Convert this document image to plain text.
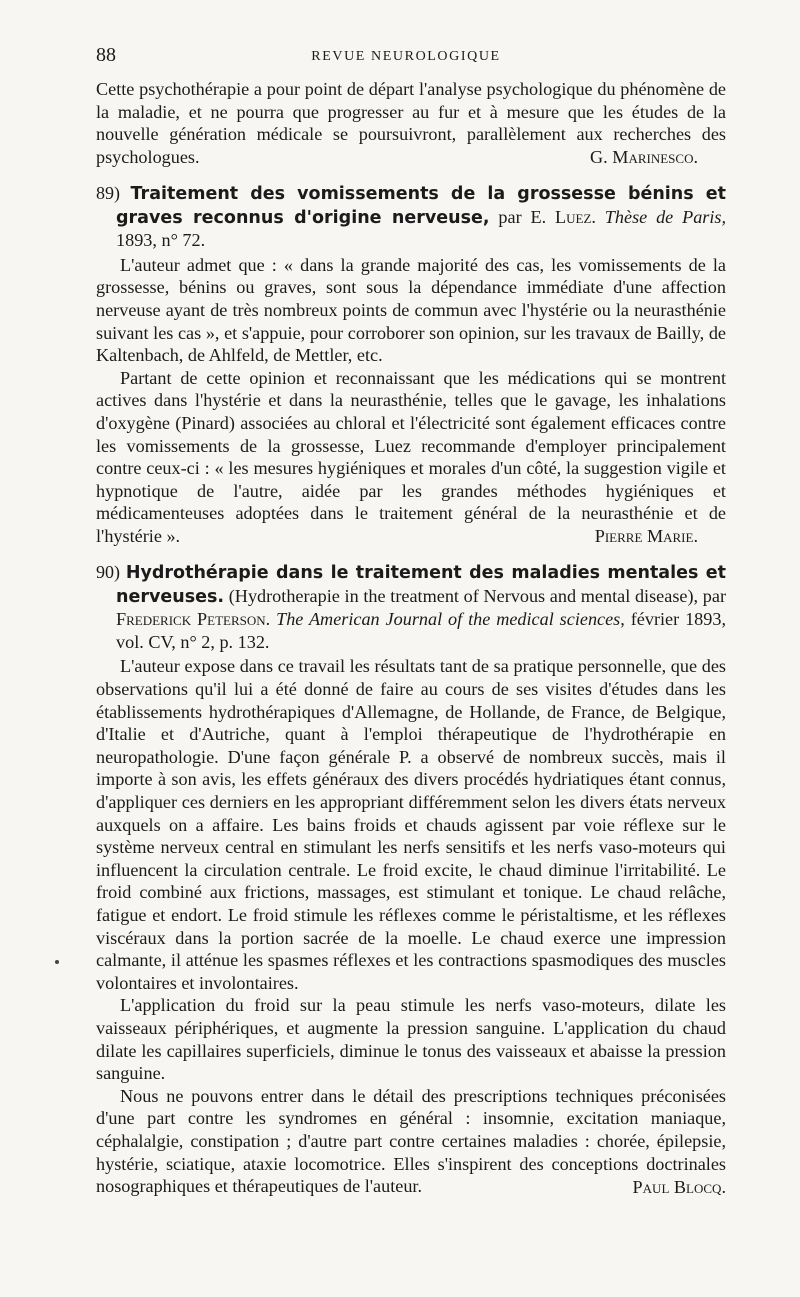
88	REVUE NEUROLOGIQUE

Cette psychothérapie a pour point de départ l'analyse psychologique du phénomène de la maladie, et ne pourra que progresser au fur et à mesure que les études de la nouvelle génération médicale se poursuivront, parallèlement aux recherches des psychologues.	G. Marinesco.

89) Traitement des vomissements de la grossesse bénins et graves reconnus d'origine nerveuse, par E. Luez. Thèse de Paris, 1893, n° 72.

L'auteur admet que : « dans la grande majorité des cas, les vomissements de la grossesse, bénins ou graves, sont sous la dépendance immédiate d'une affection nerveuse ayant de très nombreux points de commun avec l'hystérie ou la neurasthénie suivant les cas », et s'appuie, pour corroborer son opinion, sur les travaux de Bailly, de Kaltenbach, de Ahlfeld, de Mettler, etc.

Partant de cette opinion et reconnaissant que les médications qui se montrent actives dans l'hystérie et dans la neurasthénie, telles que le gavage, les inhalations d'oxygène (Pinard) associées au chloral et l'électricité sont également efficaces contre les vomissements de la grossesse, Luez recommande d'employer principalement contre ceux-ci : « les mesures hygiéniques et morales d'un côté, la suggestion vigile et hypnotique de l'autre, aidée par les grandes méthodes hygiéniques et médicamenteuses adoptées dans le traitement général de la neurasthénie et de l'hystérie ».	Pierre Marie.

90) Hydrothérapie dans le traitement des maladies mentales et nerveuses. (Hydrotherapie in the treatment of Nervous and mental disease), par Frederick Peterson. The American Journal of the medical sciences, février 1893, vol. CV, n° 2, p. 132.

L'auteur expose dans ce travail les résultats tant de sa pratique personnelle, que des observations qu'il lui a été donné de faire au cours de ses visites d'études dans les établissements hydrothérapiques d'Allemagne, de Hollande, de France, de Belgique, d'Italie et d'Autriche, quant à l'emploi thérapeutique de l'hydrothérapie en neuropathologie. D'une façon générale P. a observé de nombreux succès, mais il importe à son avis, les effets généraux des divers procédés hydriatiques étant connus, d'appliquer ces derniers en les appropriant différemment selon les divers états nerveux auxquels on a affaire. Les bains froids et chauds agissent par voie réflexe sur le système nerveux central en stimulant les nerfs sensitifs et les nerfs vaso-moteurs qui influencent la circulation centrale. Le froid excite, le chaud diminue l'irritabilité. Le froid combiné aux frictions, massages, est stimulant et tonique. Le chaud relâche, fatigue et endort. Le froid stimule les réflexes comme le péristaltisme, et les réflexes viscéraux dans la portion sacrée de la moelle. Le chaud exerce une impression calmante, il atténue les spasmes réflexes et les contractions spasmodiques des muscles volontaires et involontaires.

L'application du froid sur la peau stimule les nerfs vaso-moteurs, dilate les vaisseaux périphériques, et augmente la pression sanguine. L'application du chaud dilate les capillaires superficiels, diminue le tonus des vaisseaux et abaisse la pression sanguine.

Nous ne pouvons entrer dans le détail des prescriptions techniques préconisées d'une part contre les syndromes en général : insomnie, excitation maniaque, céphalalgie, constipation ; d'autre part contre certaines maladies : chorée, épilepsie, hystérie, sciatique, ataxie locomotrice. Elles s'inspirent des conceptions doctrinales nosographiques et thérapeutiques de l'auteur.	Paul Blocq.
